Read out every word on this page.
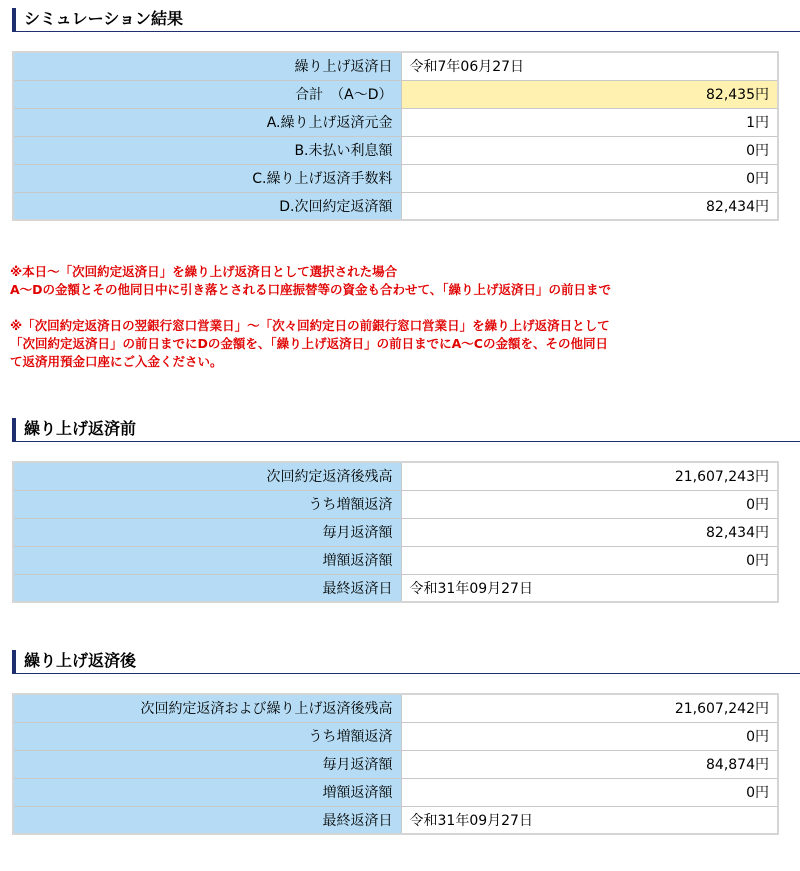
シミュレーション結果
繰り上げ返済日	令和7年06月27日
合計　（A～D）	82,435円
A.繰り上げ返済元金	1円
B.未払い利息額	0円
C.繰り上げ返済手数料	0円
D.次回約定返済額	82,434円

※本日～「次回約定返済日」を繰り上げ返済日として選択された場合

A～Dの金額とその他同日中に引き落とされる口座振替等の資金も合わせて、「繰り上げ返済日」の前日まで

※「次回約定返済日の翌銀行窓口営業日」～「次々回約定日の前銀行窓口営業日」を繰り上げ返済日として

「次回約定返済日」の前日までにDの金額を、「繰り上げ返済日」の前日までにA～Cの金額を、その他同日

て返済用預金口座にご入金ください。

繰り上げ返済前
次回約定返済後残高	21,607,243円
うち増額返済	0円
毎月返済額	82,434円
増額返済額	0円
最終返済日	令和31年09月27日
繰り上げ返済後
次回約定返済および繰り上げ返済後残高	21,607,242円
うち増額返済	0円
毎月返済額	84,874円
増額返済額	0円
最終返済日	令和31年09月27日
